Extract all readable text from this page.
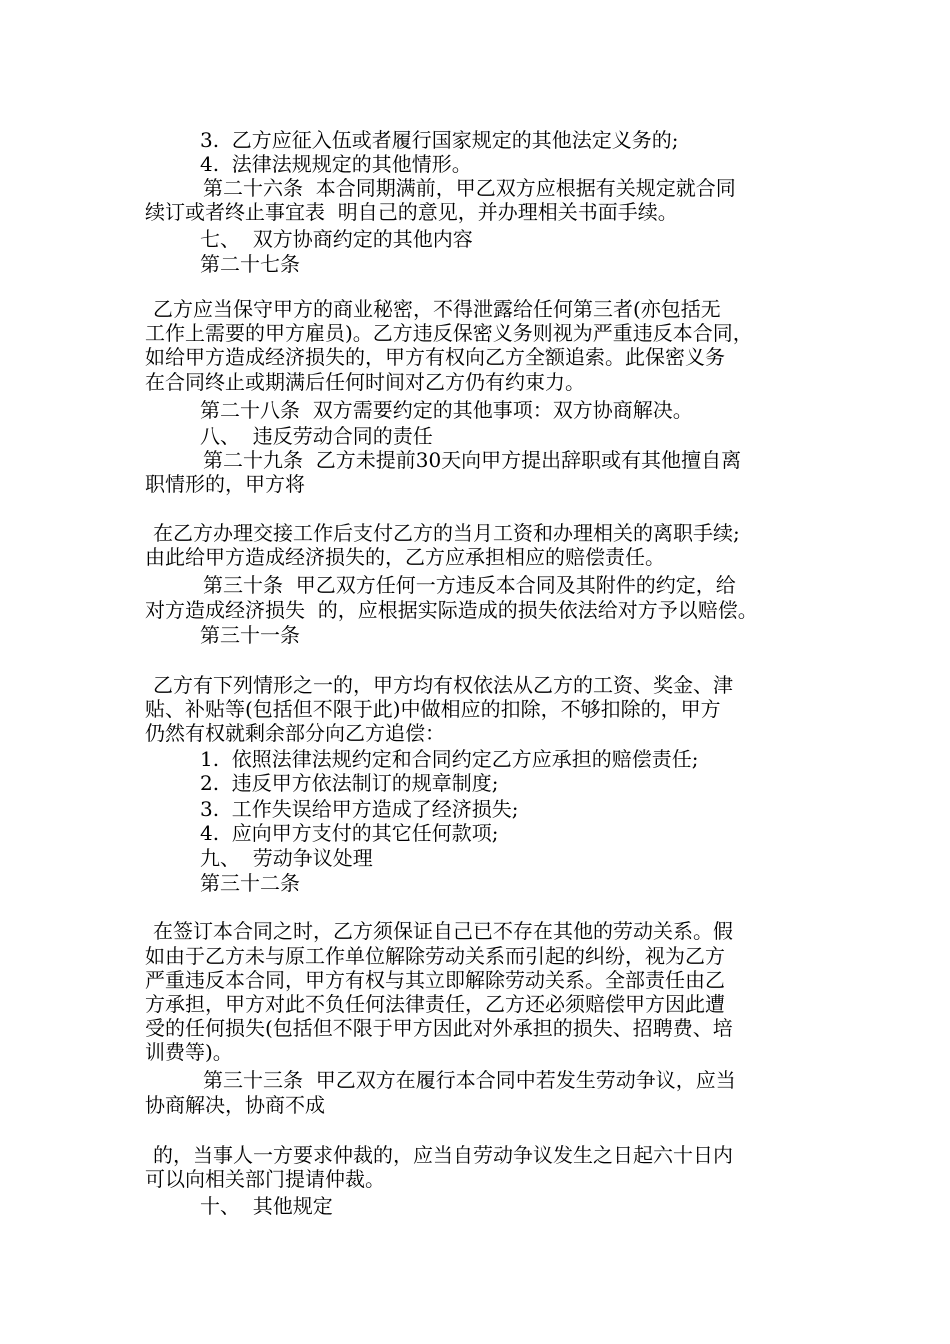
3.  乙方应征入伍或者履行国家规定的其他法定义务的;
4.  法律法规规定的其他情形。
第二十六条  本合同期满前，甲乙双方应根据有关规定就合同
续订或者终止事宜表  明自己的意见，并办理相关书面手续。
七、  双方协商约定的其他内容
第二十七条
乙方应当保守甲方的商业秘密，不得泄露给任何第三者(亦包括无
工作上需要的甲方雇员)。乙方违反保密义务则视为严重违反本合同，
如给甲方造成经济损失的，甲方有权向乙方全额追索。此保密义务
在合同终止或期满后任何时间对乙方仍有约束力。
第二十八条  双方需要约定的其他事项：双方协商解决。
八、  违反劳动合同的责任
第二十九条  乙方未提前30天向甲方提出辞职或有其他擅自离
职情形的，甲方将
在乙方办理交接工作后支付乙方的当月工资和办理相关的离职手续;
由此给甲方造成经济损失的，乙方应承担相应的赔偿责任。
第三十条  甲乙双方任何一方违反本合同及其附件的约定，给
对方造成经济损失  的，应根据实际造成的损失依法给对方予以赔偿。
第三十一条
乙方有下列情形之一的，甲方均有权依法从乙方的工资、奖金、津
贴、补贴等(包括但不限于此)中做相应的扣除，不够扣除的，甲方
仍然有权就剩余部分向乙方追偿：
1.  依照法律法规约定和合同约定乙方应承担的赔偿责任;
2.  违反甲方依法制订的规章制度;
3.  工作失误给甲方造成了经济损失;
4.  应向甲方支付的其它任何款项;
九、  劳动争议处理
第三十二条
在签订本合同之时，乙方须保证自己已不存在其他的劳动关系。假
如由于乙方未与原工作单位解除劳动关系而引起的纠纷，视为乙方
严重违反本合同，甲方有权与其立即解除劳动关系。全部责任由乙
方承担，甲方对此不负任何法律责任，乙方还必须赔偿甲方因此遭
受的任何损失(包括但不限于甲方因此对外承担的损失、招聘费、培
训费等)。
第三十三条  甲乙双方在履行本合同中若发生劳动争议，应当
协商解决，协商不成
的，当事人一方要求仲裁的，应当自劳动争议发生之日起六十日内
可以向相关部门提请仲裁。
十、  其他规定
